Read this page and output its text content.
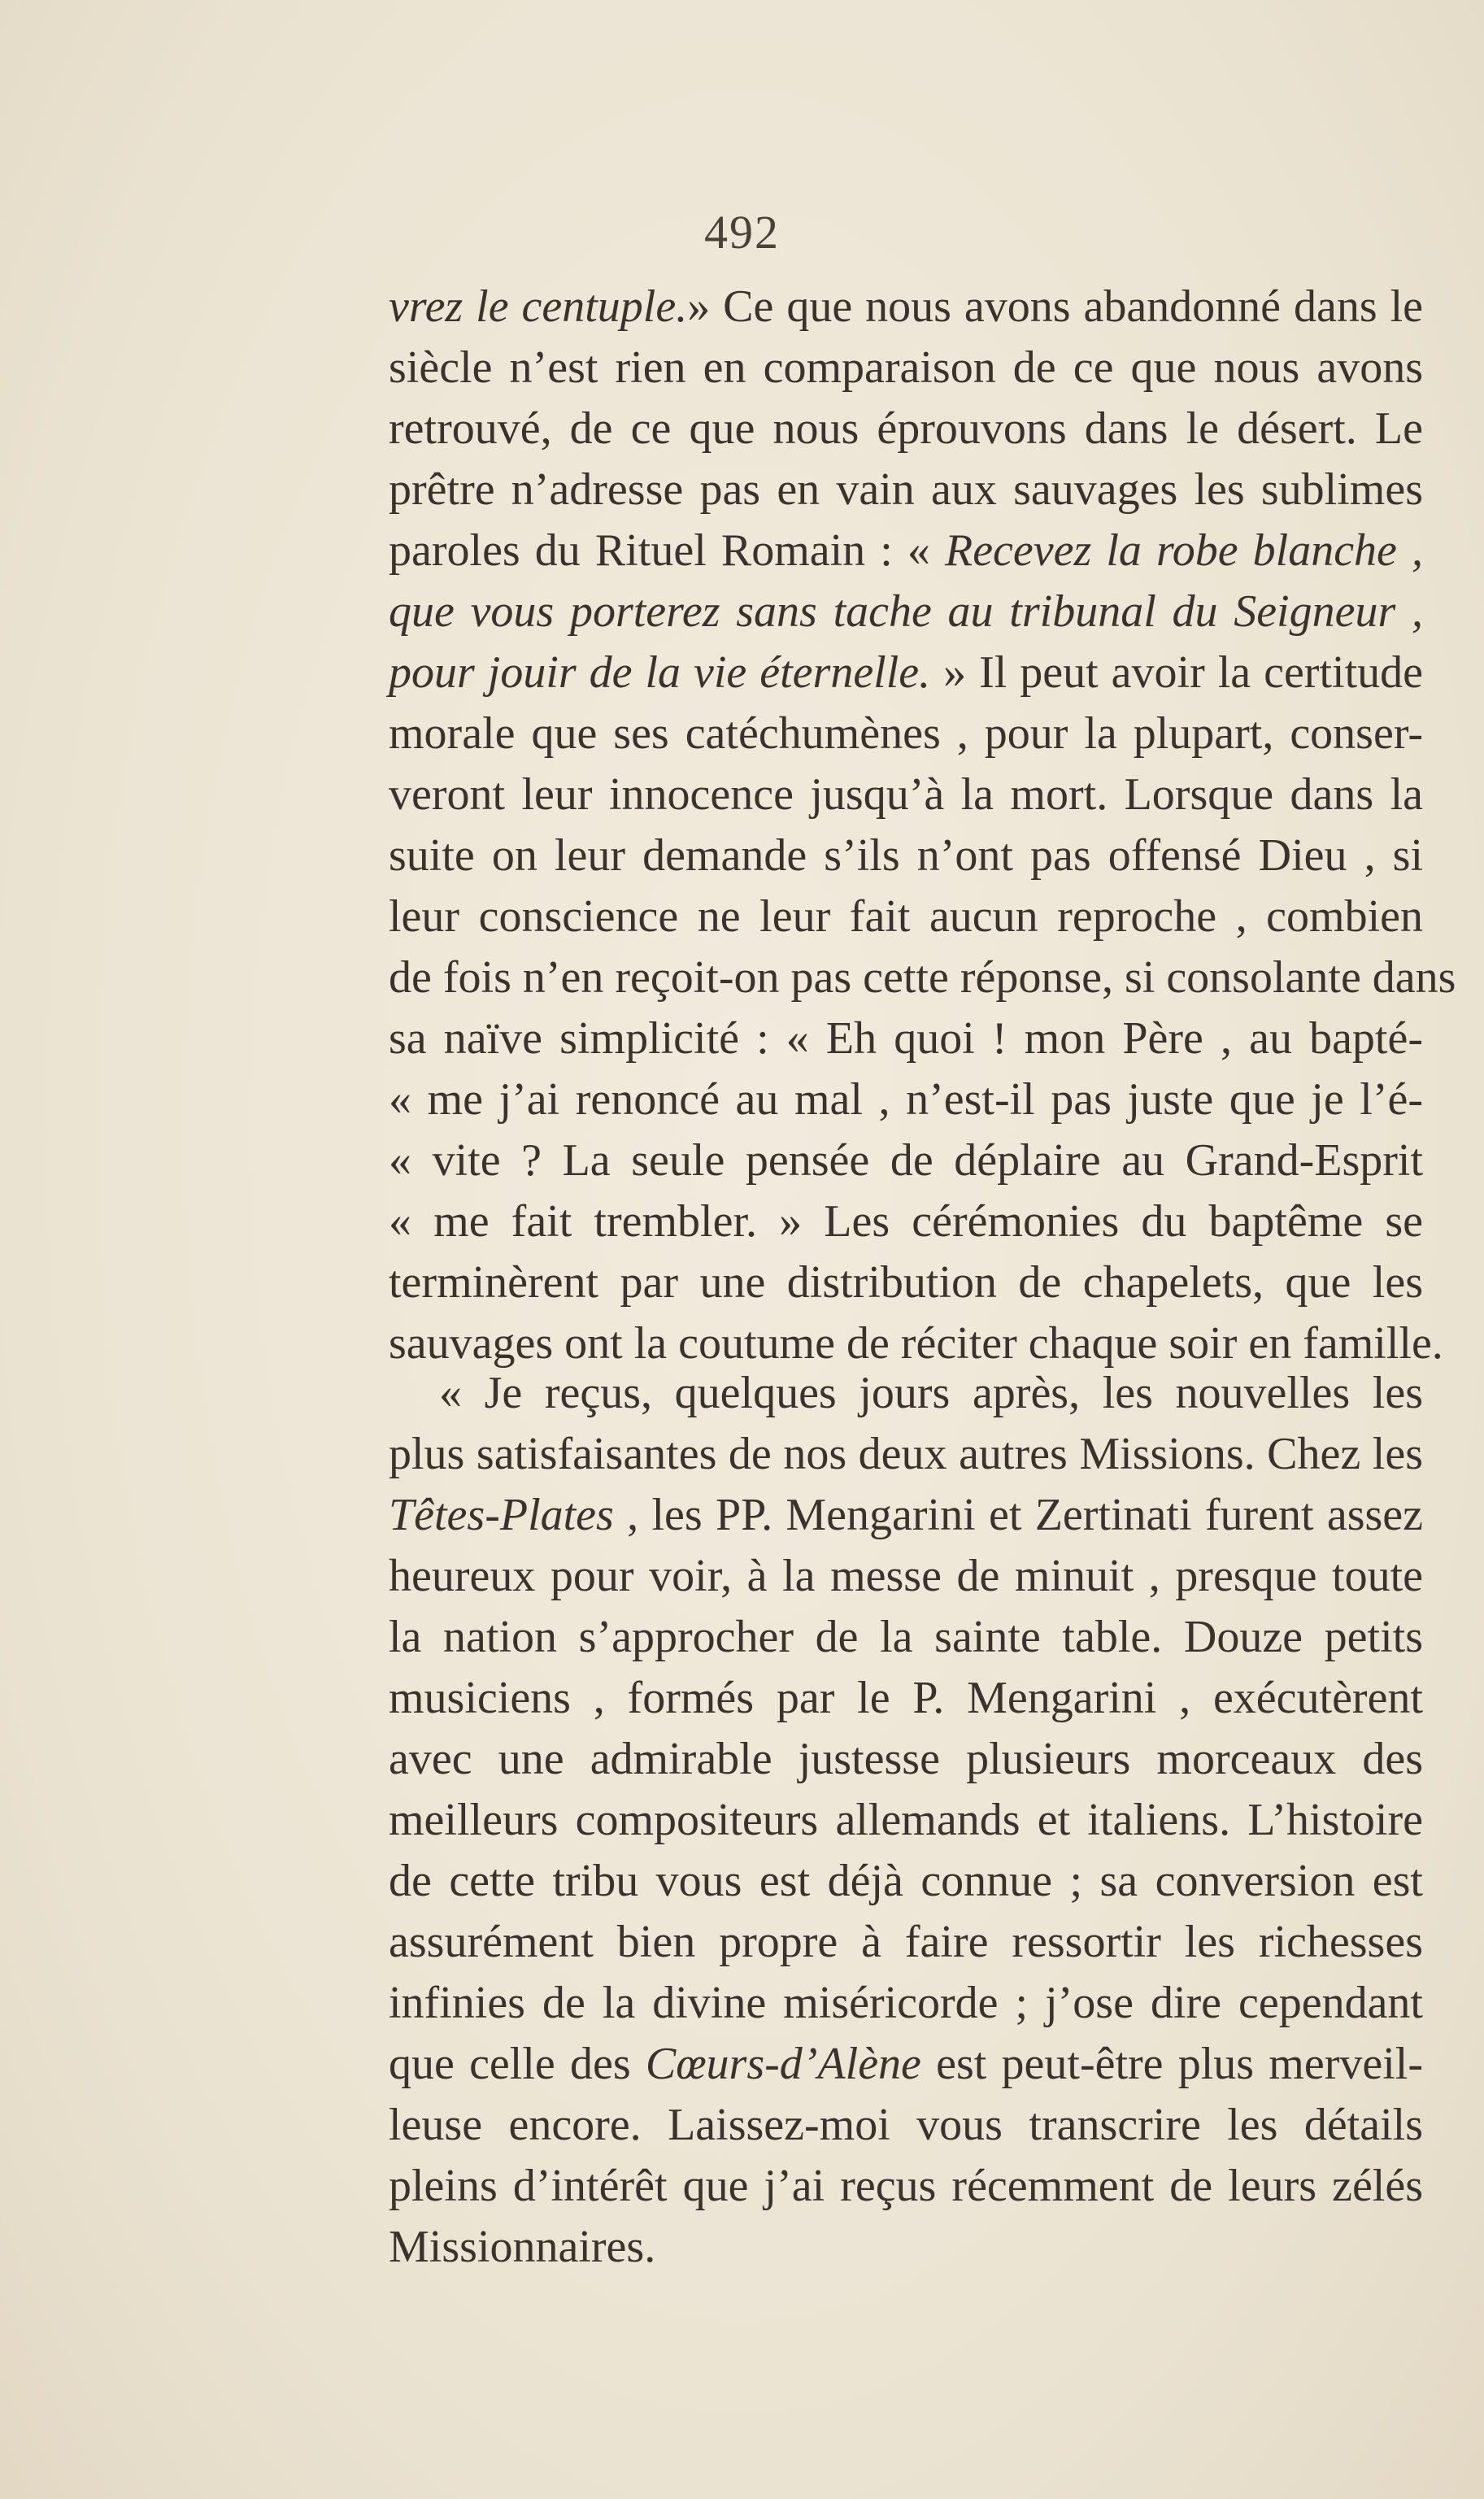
492
vrez le centuple.» Ce que nous avons abandonné dans le
siècle n’est rien en comparaison de ce que nous avons
retrouvé, de ce que nous éprouvons dans le désert. Le
prêtre n’adresse pas en vain aux sauvages les sublimes
paroles du Rituel Romain : « Recevez la robe blanche ,
que vous porterez sans tache au tribunal du Seigneur ,
pour jouir de la vie éternelle. » Il peut avoir la certitude
morale que ses catéchumènes , pour la plupart, conser-
veront leur innocence jusqu’à la mort. Lorsque dans la
suite on leur demande s’ils n’ont pas offensé Dieu , si
leur conscience ne leur fait aucun reproche , combien
de fois n’en reçoit-on pas cette réponse, si consolante dans
sa naïve simplicité : « Eh quoi ! mon Père , au bapté-
« me j’ai renoncé au mal , n’est-il pas juste que je l’é-
« vite ? La seule pensée de déplaire au Grand-Esprit
« me fait trembler. » Les cérémonies du baptême se
terminèrent par une distribution de chapelets, que les
sauvages ont la coutume de réciter chaque soir en famille.
« Je reçus, quelques jours après, les nouvelles les
plus satisfaisantes de nos deux autres Missions. Chez les
Têtes-Plates , les PP. Mengarini et Zertinati furent assez
heureux pour voir, à la messe de minuit , presque toute
la nation s’approcher de la sainte table. Douze petits
musiciens , formés par le P. Mengarini , exécutèrent
avec une admirable justesse plusieurs morceaux des
meilleurs compositeurs allemands et italiens. L’histoire
de cette tribu vous est déjà connue ; sa conversion est
assurément bien propre à faire ressortir les richesses
infinies de la divine miséricorde ; j’ose dire cependant
que celle des Cœurs-d’Alène est peut-être plus merveil-
leuse encore. Laissez-moi vous transcrire les détails
pleins d’intérêt que j’ai reçus récemment de leurs zélés
Missionnaires.
